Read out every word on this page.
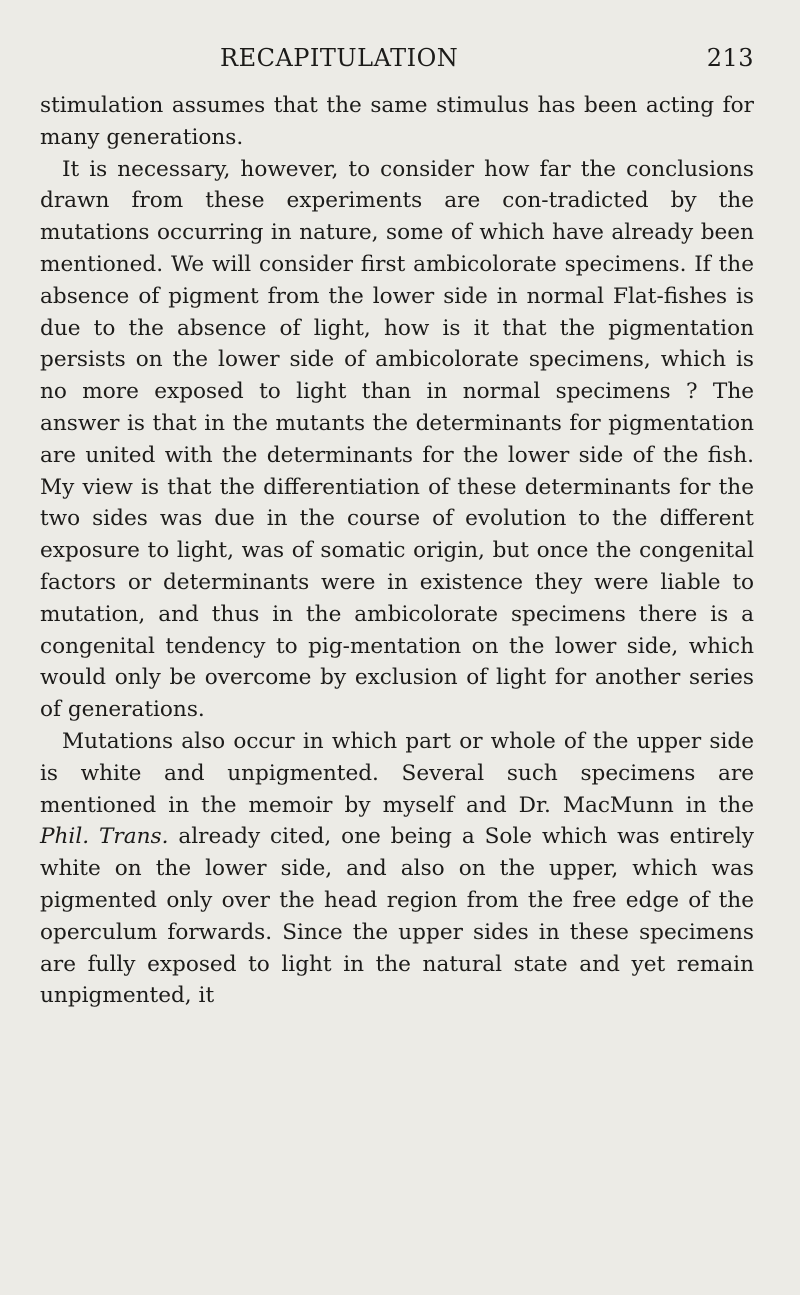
RECAPITULATION	213

stimulation assumes that the same stimulus has been acting for many generations.

It is necessary, however, to consider how far the conclusions drawn from these experiments are con-tradicted by the mutations occurring in nature, some of which have already been mentioned. We will consider first ambicolorate specimens. If the absence of pigment from the lower side in normal Flat-fishes is due to the absence of light, how is it that the pigmentation persists on the lower side of ambicolorate specimens, which is no more exposed to light than in normal specimens ? The answer is that in the mutants the determinants for pigmentation are united with the determinants for the lower side of the fish. My view is that the differentiation of these determinants for the two sides was due in the course of evolution to the different exposure to light, was of somatic origin, but once the congenital factors or determinants were in existence they were liable to mutation, and thus in the ambicolorate specimens there is a congenital tendency to pig-mentation on the lower side, which would only be overcome by exclusion of light for another series of generations.

Mutations also occur in which part or whole of the upper side is white and unpigmented. Several such specimens are mentioned in the memoir by myself and Dr. MacMunn in the Phil. Trans. already cited, one being a Sole which was entirely white on the lower side, and also on the upper, which was pigmented only over the head region from the free edge of the operculum forwards. Since the upper sides in these specimens are fully exposed to light in the natural state and yet remain unpigmented, it
